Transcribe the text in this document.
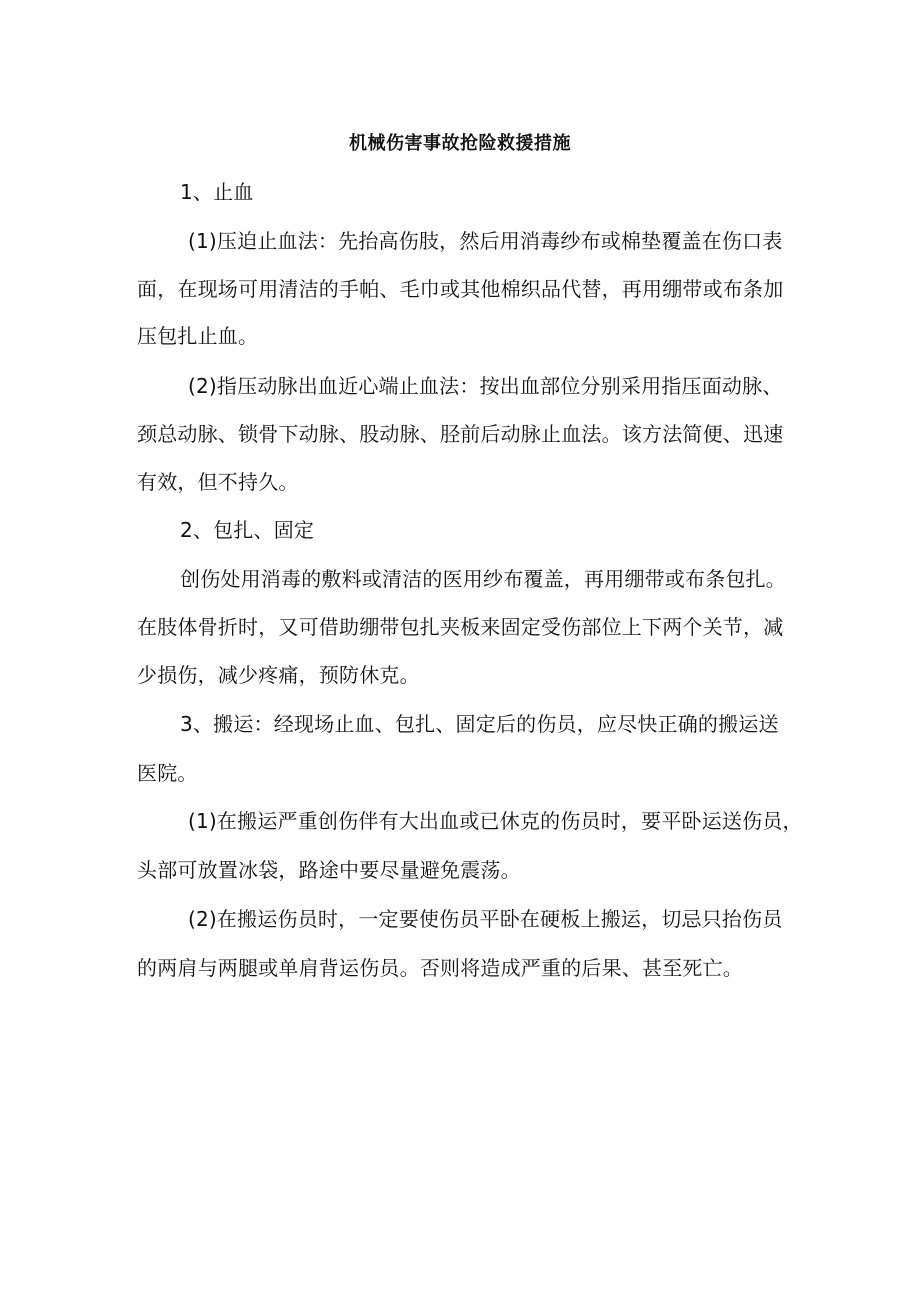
机械伤害事故抢险救援措施
1、止血
(1)压迫止血法：先抬高伤肢，然后用消毒纱布或棉垫覆盖在伤口表
面，在现场可用清洁的手帕、毛巾或其他棉织品代替，再用绷带或布条加
压包扎止血。
(2)指压动脉出血近心端止血法：按出血部位分别采用指压面动脉、
颈总动脉、锁骨下动脉、股动脉、胫前后动脉止血法。该方法简便、迅速
有效，但不持久。
2、包扎、固定
创伤处用消毒的敷料或清洁的医用纱布覆盖，再用绷带或布条包扎。
在肢体骨折时，又可借助绷带包扎夹板来固定受伤部位上下两个关节，减
少损伤，减少疼痛，预防休克。
3、搬运：经现场止血、包扎、固定后的伤员，应尽快正确的搬运送
医院。
(1)在搬运严重创伤伴有大出血或已休克的伤员时，要平卧运送伤员，
头部可放置冰袋，路途中要尽量避免震荡。
(2)在搬运伤员时，一定要使伤员平卧在硬板上搬运，切忌只抬伤员
的两肩与两腿或单肩背运伤员。否则将造成严重的后果、甚至死亡。
